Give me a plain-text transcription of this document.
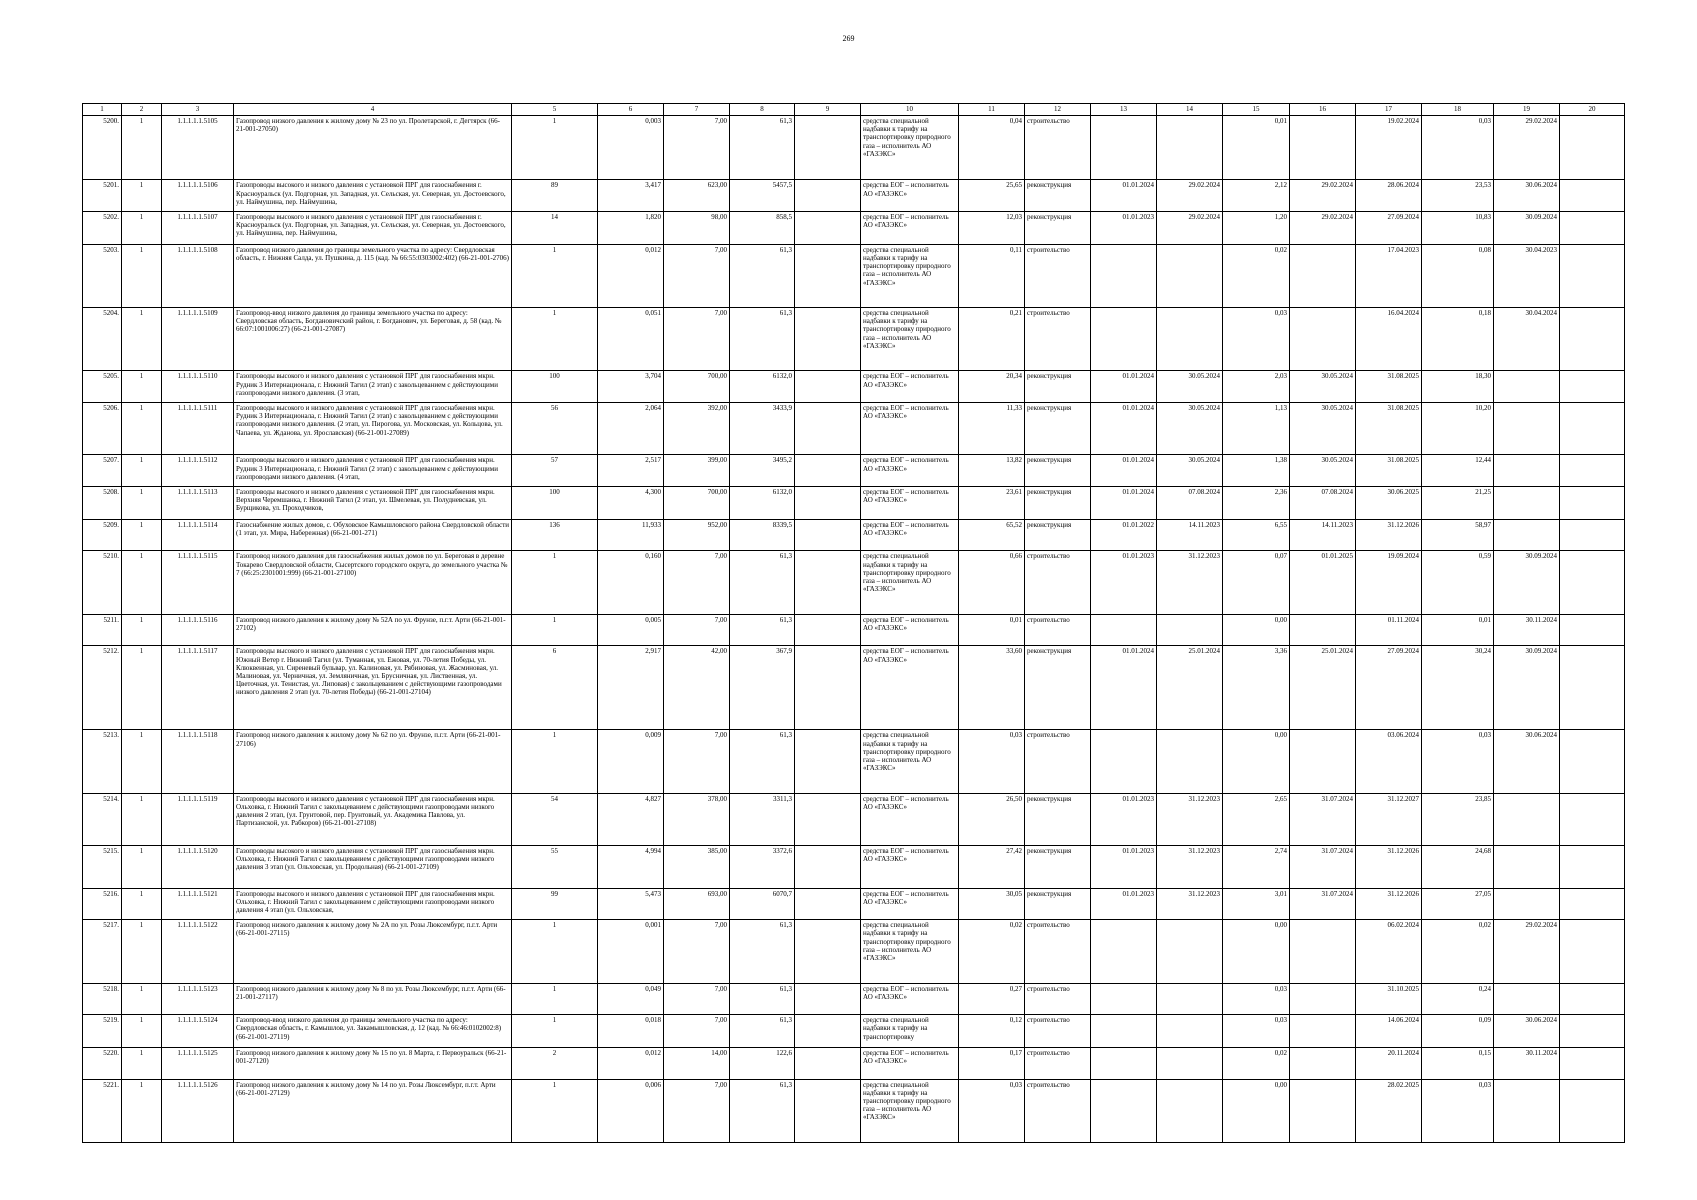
269
1	2	3	4	5	6	7	8	9	10	11	12	13	14	15	16	17	18	19	20
5200.	1	1.1.1.1.1.5105	Газопровод низкого давления к жилому дому № 23 по ул. Пролетарской, г. Дегтярск (66-21-001-27050)	1	0,003	7,00	61,3		средства специальной надбавки к тарифу на транспортировку природного газа – исполнитель АО «ГАЗЭКС»	0,04	строительство			0,01		19.02.2024	0,03	29.02.2024	
5201.	1	1.1.1.1.1.5106	Газопроводы высокого и низкого давления с установкой ПРГ для газоснабжения г. Красноуральск (ул. Подгорная, ул. Западная, ул. Сельская, ул. Северная, ул. Достоевского, ул. Наймушина, пер. Наймушина,	89	3,417	623,00	5457,5		средства ЕОГ – исполнитель АО «ГАЗЭКС»	25,65	реконструкция	01.01.2024	29.02.2024	2,12	29.02.2024	28.06.2024	23,53	30.06.2024	
5202.	1	1.1.1.1.1.5107	Газопроводы высокого и низкого давления с установкой ПРГ для газоснабжения г. Красноуральск (ул. Подгорная, ул. Западная, ул. Сельская, ул. Северная, ул. Достоевского, ул. Наймушина, пер. Наймушина,	14	1,820	98,00	858,5		средства ЕОГ – исполнитель АО «ГАЗЭКС»	12,03	реконструкция	01.01.2023	29.02.2024	1,20	29.02.2024	27.09.2024	10,83	30.09.2024	
5203.	1	1.1.1.1.1.5108	Газопровод низкого давления до границы земельного участка по адресу: Свердловская область, г. Нижняя Салда, ул. Пушкина, д. 115 (кад. № 66:55:0303002:402) (66-21-001-2706)	1	0,012	7,00	61,3		средства специальной надбавки к тарифу на транспортировку природного газа – исполнитель АО «ГАЗЭКС»	0,11	строительство			0,02		17.04.2023	0,08	30.04.2023	
5204.	1	1.1.1.1.1.5109	Газопровод-ввод низкого давления до границы земельного участка по адресу: Свердловская область, Богдановичский район, г. Богданович, ул. Береговая, д. 58 (кад. № 66:07:1001006:27) (66-21-001-27087)	1	0,051	7,00	61,3		средства специальной надбавки к тарифу на транспортировку природного газа – исполнитель АО «ГАЗЭКС»	0,21	строительство			0,03		16.04.2024	0,18	30.04.2024	
5205.	1	1.1.1.1.1.5110	Газопроводы высокого и низкого давления с установкой ПРГ для газоснабжения мкрн. Рудник 3 Интернационала, г. Нижний Тагил (2 этап) с закольцеванием с действующими газопроводами низкого давления. (3 этап,	100	3,704	700,00	6132,0		средства ЕОГ – исполнитель АО «ГАЗЭКС»	20,34	реконструкция	01.01.2024	30.05.2024	2,03	30.05.2024	31.08.2025	18,30		
5206.	1	1.1.1.1.1.5111	Газопроводы высокого и низкого давления с установкой ПРГ для газоснабжения мкрн. Рудник 3 Интернационала, г. Нижний Тагил (2 этап) с закольцеванием с действующими газопроводами низкого давления. (2 этап, ул. Пирогова, ул. Московская, ул. Кольцова, ул. Чапаева, ул. Жданова, ул. Ярославская) (66-21-001-27089)	56	2,064	392,00	3433,9		средства ЕОГ – исполнитель АО «ГАЗЭКС»	11,33	реконструкция	01.01.2024	30.05.2024	1,13	30.05.2024	31.08.2025	10,20		
5207.	1	1.1.1.1.1.5112	Газопроводы высокого и низкого давления с установкой ПРГ для газоснабжения мкрн. Рудник 3 Интернационала, г. Нижний Тагил (2 этап) с закольцеванием с действующими газопроводами низкого давления. (4 этап,	57	2,517	399,00	3495,2		средства ЕОГ – исполнитель АО «ГАЗЭКС»	13,82	реконструкция	01.01.2024	30.05.2024	1,38	30.05.2024	31.08.2025	12,44		
5208.	1	1.1.1.1.1.5113	Газопроводы высокого и низкого давления с установкой ПРГ для газоснабжения мкрн. Верхняя Черемшанка, г. Нижний Тагил (2 этап, ул. Шмелевая, ул. Полудневская, ул. Бурщикова, ул. Проходчиков,	100	4,300	700,00	6132,0		средства ЕОГ – исполнитель АО «ГАЗЭКС»	23,61	реконструкция	01.01.2024	07.08.2024	2,36	07.08.2024	30.06.2025	21,25		
5209.	1	1.1.1.1.1.5114	Газоснабжение жилых домов, с. Обуховское Камышловского района Свердловской области (1 этап, ул. Мира, Набережная) (66-21-001-271)	136	11,933	952,00	8339,5		средства ЕОГ – исполнитель АО «ГАЗЭКС»	65,52	реконструкция	01.01.2022	14.11.2023	6,55	14.11.2023	31.12.2026	58,97		
5210.	1	1.1.1.1.1.5115	Газопровод низкого давления для газоснабжения жилых домов по ул. Береговая в деревне Токарево Свердловской области, Сысертского городского округа, до земельного участка № 7 (66:25:2301001:999) (66-21-001-27100)	1	0,160	7,00	61,3		средства специальной надбавки к тарифу на транспортировку природного газа – исполнитель АО «ГАЗЭКС»	0,66	строительство	01.01.2023	31.12.2023	0,07	01.01.2025	19.09.2024	0,59	30.09.2024	
5211.	1	1.1.1.1.1.5116	Газопровод низкого давления к жилому дому № 52А по ул. Фрунзе, п.г.т. Арти (66-21-001-27102)	1	0,005	7,00	61,3		средства ЕОГ – исполнитель АО «ГАЗЭКС»	0,01	строительство			0,00		01.11.2024	0,01	30.11.2024	
5212.	1	1.1.1.1.1.5117	Газопроводы высокого и низкого давления с установкой ПРГ для газоснабжения мкрн. Южный Ветер г. Нижний Тагил (ул. Туманная, ул. Ежовая, ул. 70-летия Победы, ул. Клюквенная, ул. Сиреневый бульвар, ул. Калиновая, ул. Рябиновая, ул. Жасминовая, ул. Малиновая, ул. Черничная, ул. Земляничная, ул. Брусничная, ул. Лиственная, ул. Цветочная, ул. Тенистая, ул. Липовая) с закольцеванием с действующими газопроводами низкого давления 2 этап (ул. 70-летия Победы) (66-21-001-27104)	6	2,917	42,00	367,9		средства ЕОГ – исполнитель АО «ГАЗЭКС»	33,60	реконструкция	01.01.2024	25.01.2024	3,36	25.01.2024	27.09.2024	30,24	30.09.2024	
5213.	1	1.1.1.1.1.5118	Газопровод низкого давления к жилому дому № 62 по ул. Фрунзе, п.г.т. Арти (66-21-001-27106)	1	0,009	7,00	61,3		средства специальной надбавки к тарифу на транспортировку природного газа – исполнитель АО «ГАЗЭКС»	0,03	строительство			0,00		03.06.2024	0,03	30.06.2024	
5214.	1	1.1.1.1.1.5119	Газопроводы высокого и низкого давления с установкой ПРГ для газоснабжения мкрн. Ольховка, г. Нижний Тагил с закольцеванием с действующими газопроводами низкого давления 2 этап, (ул. Грунтовой, пер. Грунтовый, ул. Академика Павлова, ул. Партизанской, ул. Рабкоров) (66-21-001-27108)	54	4,827	378,00	3311,3		средства ЕОГ – исполнитель АО «ГАЗЭКС»	26,50	реконструкция	01.01.2023	31.12.2023	2,65	31.07.2024	31.12.2027	23,85		
5215.	1	1.1.1.1.1.5120	Газопроводы высокого и низкого давления с установкой ПРГ для газоснабжения мкрн. Ольховка, г. Нижний Тагил с закольцеванием с действующими газопроводами низкого давления 3 этап (ул. Ольховская, ул. Продольная) (66-21-001-27109)	55	4,994	385,00	3372,6		средства ЕОГ – исполнитель АО «ГАЗЭКС»	27,42	реконструкция	01.01.2023	31.12.2023	2,74	31.07.2024	31.12.2026	24,68		
5216.	1	1.1.1.1.1.5121	Газопроводы высокого и низкого давления с установкой ПРГ для газоснабжения мкрн. Ольховка, г. Нижний Тагил с закольцеванием с действующими газопроводами низкого давления 4 этап (ул. Ольховская,	99	5,473	693,00	6070,7		средства ЕОГ – исполнитель АО «ГАЗЭКС»	30,05	реконструкция	01.01.2023	31.12.2023	3,01	31.07.2024	31.12.2026	27,05		
5217.	1	1.1.1.1.1.5122	Газопровод низкого давления к жилому дому № 2А по ул. Розы Люксембург, п.г.т. Арти (66-21-001-27115)	1	0,001	7,00	61,3		средства специальной надбавки к тарифу на транспортировку природного газа – исполнитель АО «ГАЗЭКС»	0,02	строительство			0,00		06.02.2024	0,02	29.02.2024	
5218.	1	1.1.1.1.1.5123	Газопровод низкого давления к жилому дому № 8 по ул. Розы Люксембург, п.г.т. Арти (66-21-001-27117)	1	0,049	7,00	61,3		средства ЕОГ – исполнитель АО «ГАЗЭКС»	0,27	строительство			0,03		31.10.2025	0,24		
5219.	1	1.1.1.1.1.5124	Газопровод-ввод низкого давления до границы земельного участка по адресу: Свердловская область, г. Камышлов, ул. Закамышловская, д. 12 (кад. № 66:46:0102002:8) (66-21-001-27119)	1	0,018	7,00	61,3		средства специальной надбавки к тарифу на транспортировку	0,12	строительство			0,03		14.06.2024	0,09	30.06.2024	
5220.	1	1.1.1.1.1.5125	Газопровод низкого давления к жилому дому № 15 по ул. 8 Марта, г. Первоуральск (66-21-001-27120)	2	0,012	14,00	122,6		средства ЕОГ – исполнитель АО «ГАЗЭКС»	0,17	строительство			0,02		20.11.2024	0,15	30.11.2024	
5221.	1	1.1.1.1.1.5126	Газопровод низкого давления к жилому дому № 14 по ул. Розы Люксембург, п.г.т. Арти (66-21-001-27129)	1	0,006	7,00	61,3		средства специальной надбавки к тарифу на транспортировку природного газа – исполнитель АО «ГАЗЭКС»	0,03	строительство			0,00		28.02.2025	0,03		
